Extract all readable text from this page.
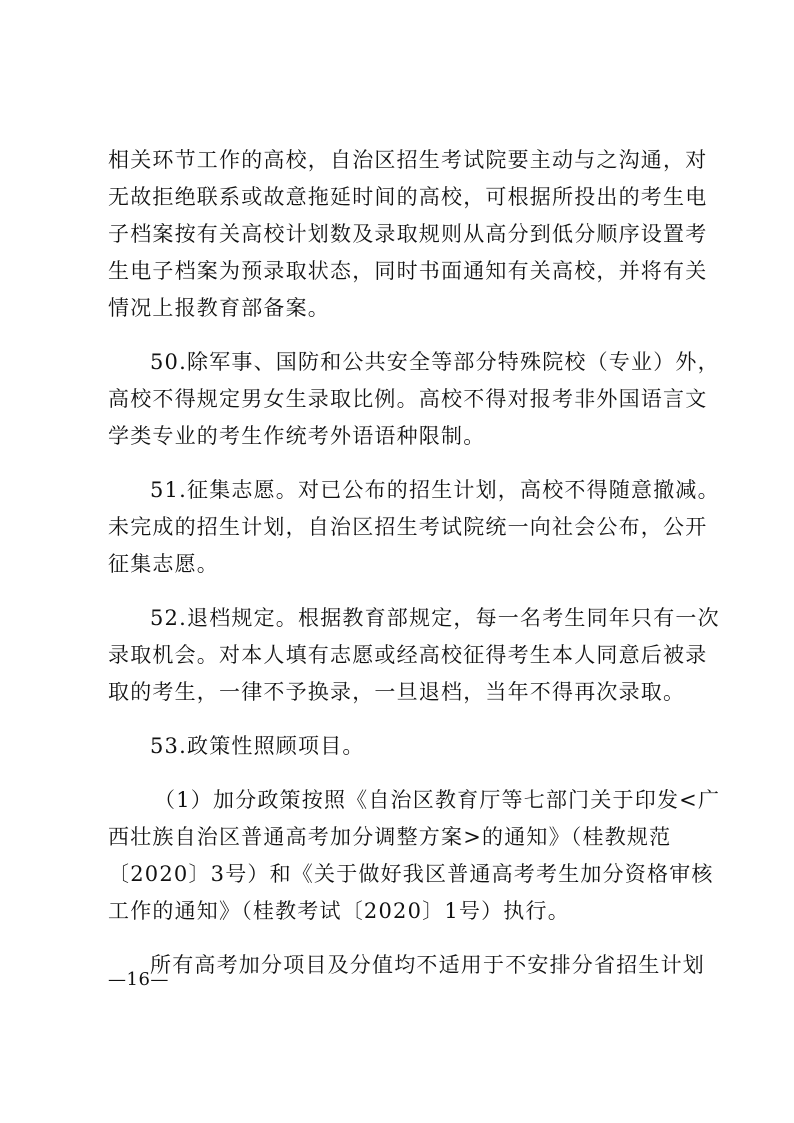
相关环节工作的高校，自治区招生考试院要主动与之沟通，对
无故拒绝联系或故意拖延时间的高校，可根据所投出的考生电
子档案按有关高校计划数及录取规则从高分到低分顺序设置考
生电子档案为预录取状态，同时书面通知有关高校，并将有关
情况上报教育部备案。
50.除军事、国防和公共安全等部分特殊院校（专业）外，
高校不得规定男女生录取比例。高校不得对报考非外国语言文
学类专业的考生作统考外语语种限制。
51.征集志愿。对已公布的招生计划，高校不得随意撤减。
未完成的招生计划，自治区招生考试院统一向社会公布，公开
征集志愿。
52.退档规定。根据教育部规定，每一名考生同年只有一次
录取机会。对本人填有志愿或经高校征得考生本人同意后被录
取的考生，一律不予换录，一旦退档，当年不得再次录取。
53.政策性照顾项目。
（1）加分政策按照《自治区教育厅等七部门关于印发<广
西壮族自治区普通高考加分调整方案>的通知》（桂教规范
〔2020〕3号）和《关于做好我区普通高考考生加分资格审核
工作的通知》（桂教考试〔2020〕1号）执行。
所有高考加分项目及分值均不适用于不安排分省招生计划
—16—
